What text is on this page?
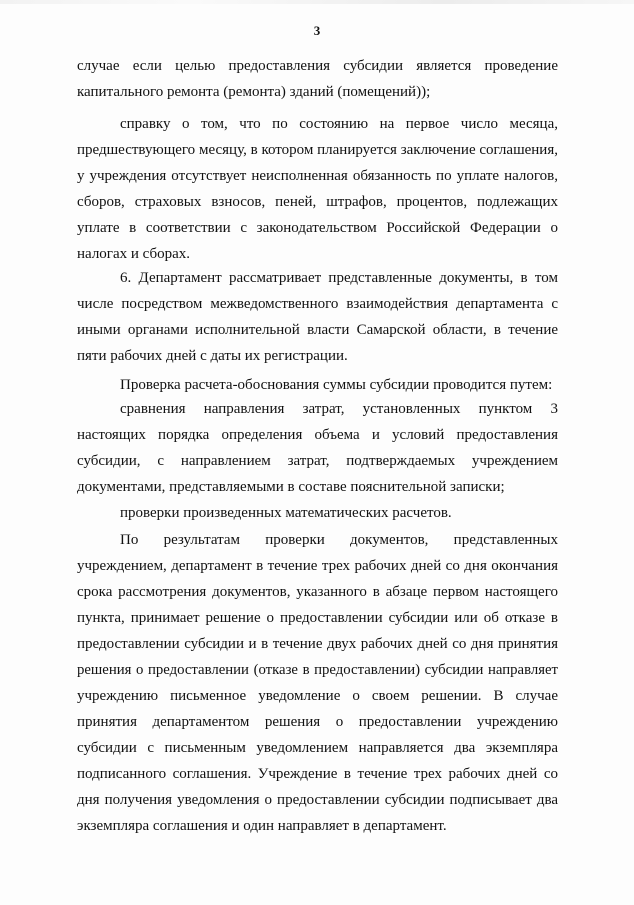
3
случае если целью предоставления субсидии является проведение
капитального ремонта (ремонта) зданий (помещений));
справку о том, что по состоянию на первое число месяца,
предшествующего месяцу, в котором планируется заключение соглашения,
у учреждения отсутствует неисполненная обязанность по уплате налогов,
сборов, страховых взносов, пеней, штрафов, процентов, подлежащих
уплате в соответствии с законодательством Российской Федерации о
налогах и сборах.
6. Департамент рассматривает представленные документы, в том
числе посредством межведомственного взаимодействия департамента с
иными органами исполнительной власти Самарской области, в течение
пяти рабочих дней с даты их регистрации.
Проверка расчета-обоснования суммы субсидии проводится путем:
сравнения направления затрат, установленных пунктом 3
настоящих порядка определения объема и условий предоставления
субсидии, с направлением затрат, подтверждаемых учреждением
документами, представляемыми в составе пояснительной записки;
проверки произведенных математических расчетов.
По результатам проверки документов, представленных
учреждением, департамент в течение трех рабочих дней со дня окончания
срока рассмотрения документов, указанного в абзаце первом настоящего
пункта, принимает решение о предоставлении субсидии или об отказе в
предоставлении субсидии и в течение двух рабочих дней со дня принятия
решения о предоставлении (отказе в предоставлении) субсидии направляет
учреждению письменное уведомление о своем решении. В случае
принятия департаментом решения о предоставлении учреждению
субсидии с письменным уведомлением направляется два экземпляра
подписанного соглашения. Учреждение в течение трех рабочих дней со
дня получения уведомления о предоставлении субсидии подписывает два
экземпляра соглашения и один направляет в департамент.
